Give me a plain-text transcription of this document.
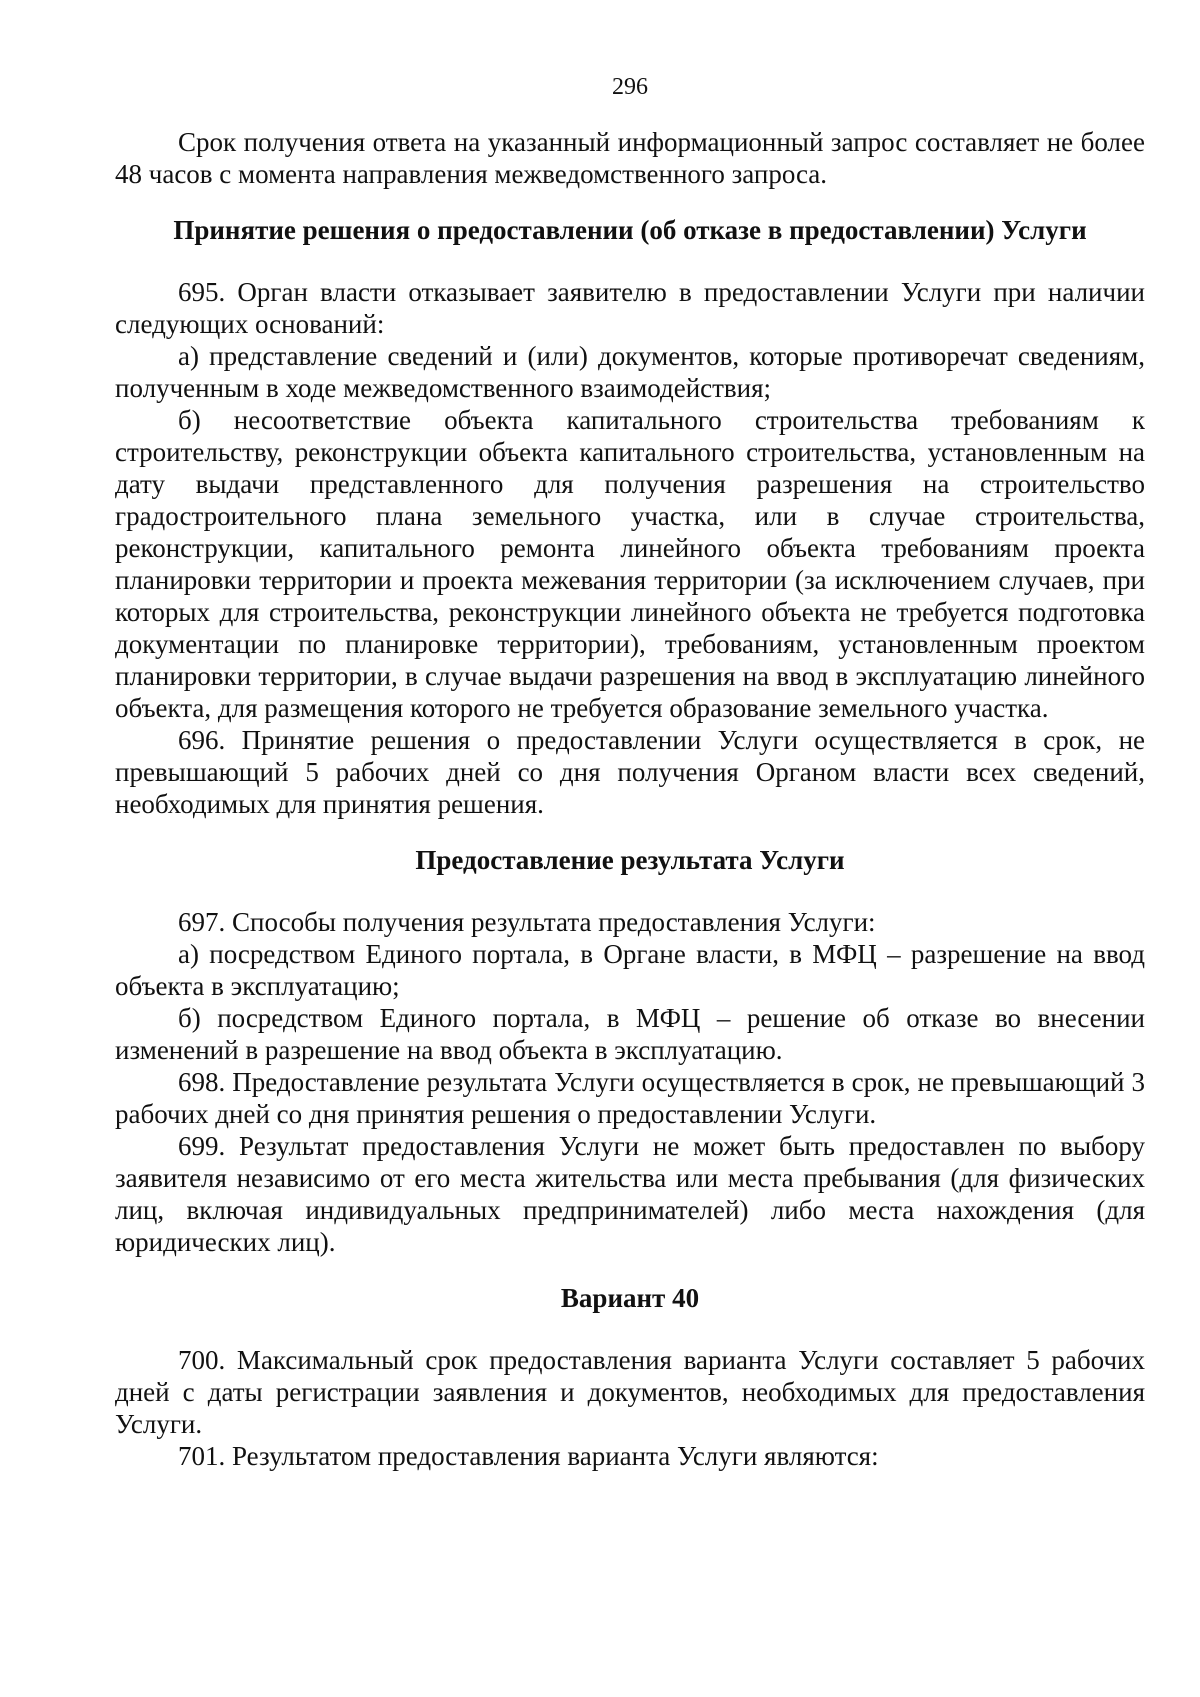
296

Срок получения ответа на указанный информационный запрос составляет не более 48 часов с момента направления межведомственного запроса.

Принятие решения о предоставлении (об отказе в предоставлении) Услуги

695. Орган власти отказывает заявителю в предоставлении Услуги при наличии следующих оснований:

а) представление сведений и (или) документов, которые противоречат сведениям, полученным в ходе межведомственного взаимодействия;

б) несоответствие объекта капитального строительства требованиям к строительству, реконструкции объекта капитального строительства, установленным на дату выдачи представленного для получения разрешения на строительство градостроительного плана земельного участка, или в случае строительства, реконструкции, капитального ремонта линейного объекта требованиям проекта планировки территории и проекта межевания территории (за исключением случаев, при которых для строительства, реконструкции линейного объекта не требуется подготовка документации по планировке территории), требованиям, установленным проектом планировки территории, в случае выдачи разрешения на ввод в эксплуатацию линейного объекта, для размещения которого не требуется образование земельного участка.

696. Принятие решения о предоставлении Услуги осуществляется в срок, не превышающий 5 рабочих дней со дня получения Органом власти всех сведений, необходимых для принятия решения.

Предоставление результата Услуги

697. Способы получения результата предоставления Услуги:

а) посредством Единого портала, в Органе власти, в МФЦ – разрешение на ввод объекта в эксплуатацию;

б) посредством Единого портала, в МФЦ – решение об отказе во внесении изменений в разрешение на ввод объекта в эксплуатацию.

698. Предоставление результата Услуги осуществляется в срок, не превышающий 3 рабочих дней со дня принятия решения о предоставлении Услуги.

699. Результат предоставления Услуги не может быть предоставлен по выбору заявителя независимо от его места жительства или места пребывания (для физических лиц, включая индивидуальных предпринимателей) либо места нахождения (для юридических лиц).

Вариант 40

700. Максимальный срок предоставления варианта Услуги составляет 5 рабочих дней с даты регистрации заявления и документов, необходимых для предоставления Услуги.

701. Результатом предоставления варианта Услуги являются:
